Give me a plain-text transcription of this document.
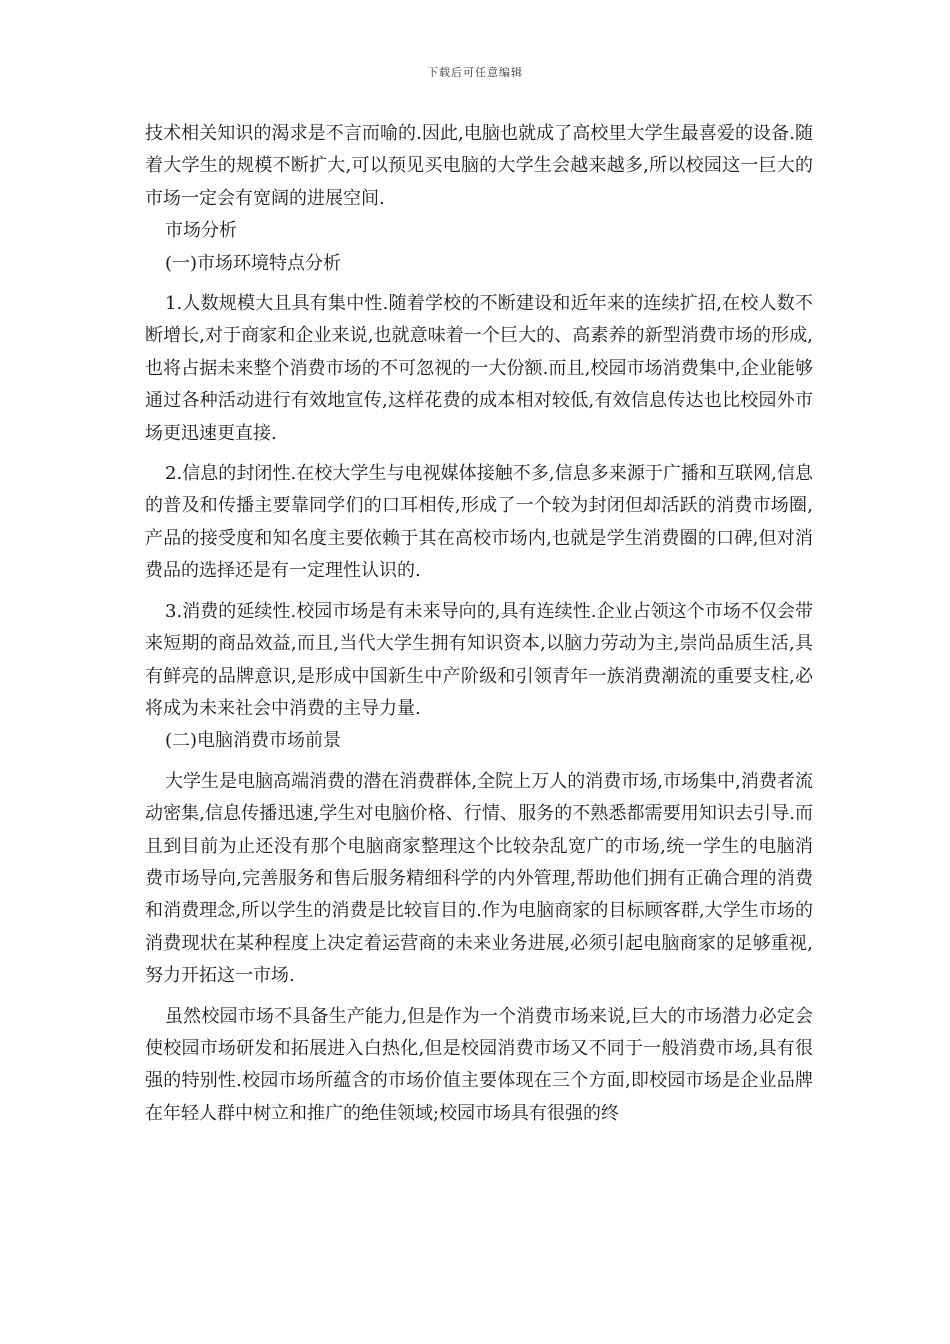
下载后可任意编辑

技术相关知识的渴求是不言而喻的.因此,电脑也就成了高校里大学生最喜爱的设备.随着大学生的规模不断扩大,可以预见买电脑的大学生会越来越多,所以校园这一巨大的市场一定会有宽阔的进展空间.

市场分析

(一)市场环境特点分析

1.人数规模大且具有集中性.随着学校的不断建设和近年来的连续扩招,在校人数不断增长,对于商家和企业来说,也就意味着一个巨大的、高素养的新型消费市场的形成,也将占据未来整个消费市场的不可忽视的一大份额.而且,校园市场消费集中,企业能够通过各种活动进行有效地宣传,这样花费的成本相对较低,有效信息传达也比校园外市场更迅速更直接.

2.信息的封闭性.在校大学生与电视媒体接触不多,信息多来源于广播和互联网,信息的普及和传播主要靠同学们的口耳相传,形成了一个较为封闭但却活跃的消费市场圈,产品的接受度和知名度主要依赖于其在高校市场内,也就是学生消费圈的口碑,但对消费品的选择还是有一定理性认识的.

3.消费的延续性.校园市场是有未来导向的,具有连续性.企业占领这个市场不仅会带来短期的商品效益,而且,当代大学生拥有知识资本,以脑力劳动为主,崇尚品质生活,具有鲜亮的品牌意识,是形成中国新生中产阶级和引领青年一族消费潮流的重要支柱,必将成为未来社会中消费的主导力量.

(二)电脑消费市场前景

大学生是电脑高端消费的潜在消费群体,全院上万人的消费市场,市场集中,消费者流动密集,信息传播迅速,学生对电脑价格、行情、服务的不熟悉都需要用知识去引导.而且到目前为止还没有那个电脑商家整理这个比较杂乱宽广的市场,统一学生的电脑消费市场导向,完善服务和售后服务精细科学的内外管理,帮助他们拥有正确合理的消费和消费理念,所以学生的消费是比较盲目的.作为电脑商家的目标顾客群,大学生市场的消费现状在某种程度上决定着运营商的未来业务进展,必须引起电脑商家的足够重视,努力开拓这一市场.

虽然校园市场不具备生产能力,但是作为一个消费市场来说,巨大的市场潜力必定会使校园市场研发和拓展进入白热化,但是校园消费市场又不同于一般消费市场,具有很强的特别性.校园市场所蕴含的市场价值主要体现在三个方面,即校园市场是企业品牌在年轻人群中树立和推广的绝佳领域;校园市场具有很强的终
